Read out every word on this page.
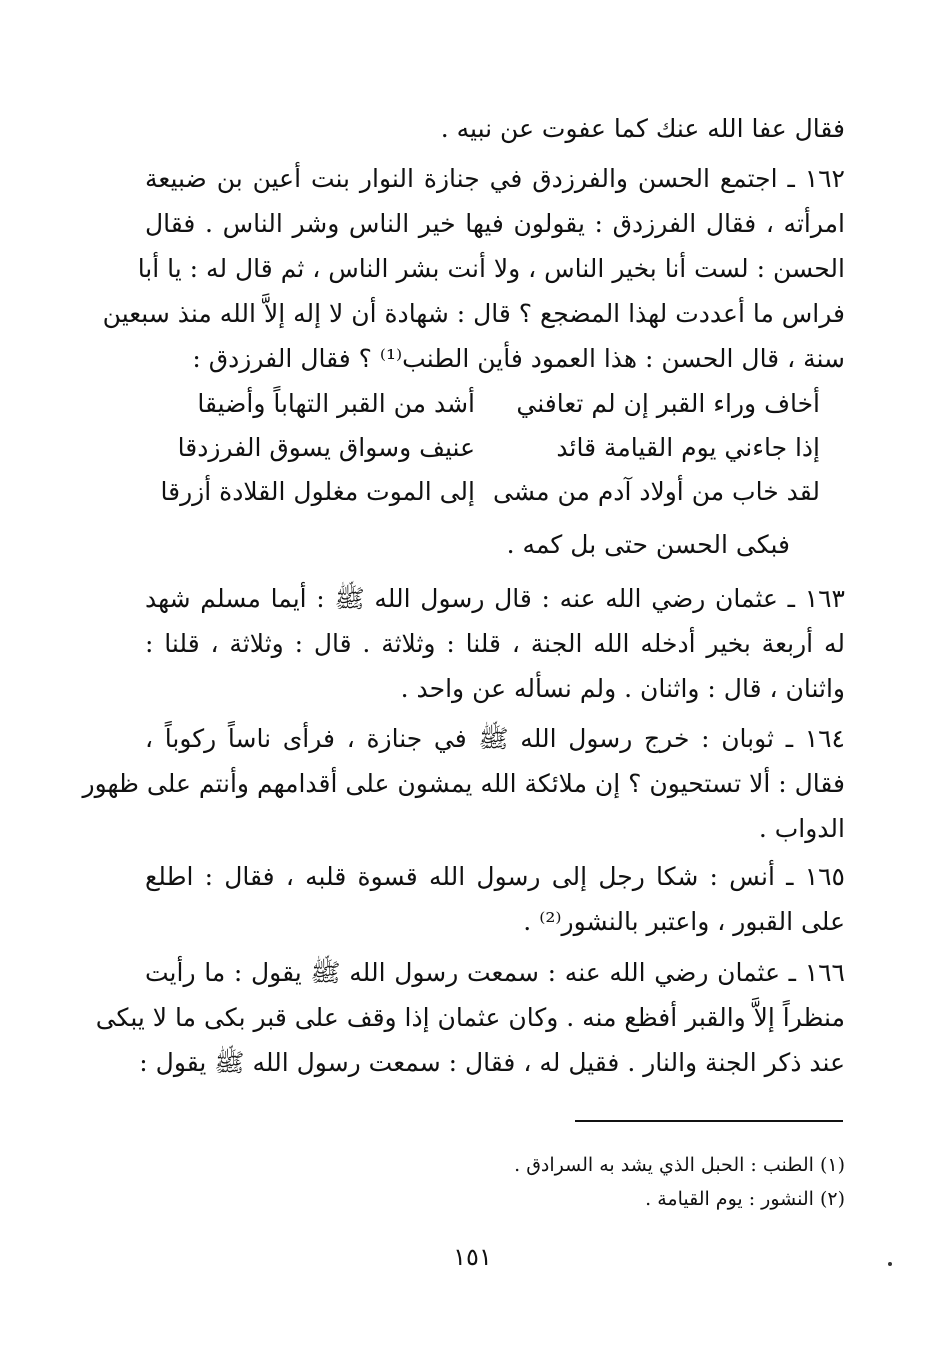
فقال عفا الله عنك كما عفوت عن نبيه .
١٦٢ ـ اجتمع الحسن والفرزدق في جنازة النوار بنت أعين بن ضبيعة
امرأته ، فقال الفرزدق : يقولون فيها خير الناس وشر الناس . فقال
الحسن : لست أنا بخير الناس ، ولا أنت بشر الناس ، ثم قال له : يا أبا
فراس ما أعددت لهذا المضجع ؟ قال : شهادة أن لا إله إلاَّ الله منذ سبعين
سنة ، قال الحسن : هذا العمود فأين الطنب⁽¹⁾ ؟ فقال الفرزدق :
أخاف وراء القبر إن لم تعافني
أشد من القبر التهاباً وأضيقا
إذا جاءني يوم القيامة قائد
عنيف وسواق يسوق الفرزدقا
لقد خاب من أولاد آدم من مشى
إلى الموت مغلول القلادة أزرقا
فبكى الحسن حتى بل كمه .
١٦٣ ـ عثمان رضي الله عنه : قال رسول الله ﷺ : أيما مسلم شهد
له أربعة بخير أدخله الله الجنة ، قلنا : وثلاثة . قال : وثلاثة ، قلنا :
واثنان ، قال : واثنان . ولم نسأله عن واحد .
١٦٤ ـ ثوبان : خرج رسول الله ﷺ في جنازة ، فرأى ناساً ركوباً ،
فقال : ألا تستحيون ؟ إن ملائكة الله يمشون على أقدامهم وأنتم على ظهور
الدواب .
١٦٥ ـ أنس : شكا رجل إلى رسول الله قسوة قلبه ، فقال : اطلع
على القبور ، واعتبر بالنشور⁽²⁾ .
١٦٦ ـ عثمان رضي الله عنه : سمعت رسول الله ﷺ يقول : ما رأيت
منظراً إلاَّ والقبر أفظع منه . وكان عثمان إذا وقف على قبر بكى ما لا يبكى
عند ذكر الجنة والنار . فقيل له ، فقال : سمعت رسول الله ﷺ يقول :
(١) الطنب : الحبل الذي يشد به السرادق .
(٢) النشور : يوم القيامة .
١٥١
